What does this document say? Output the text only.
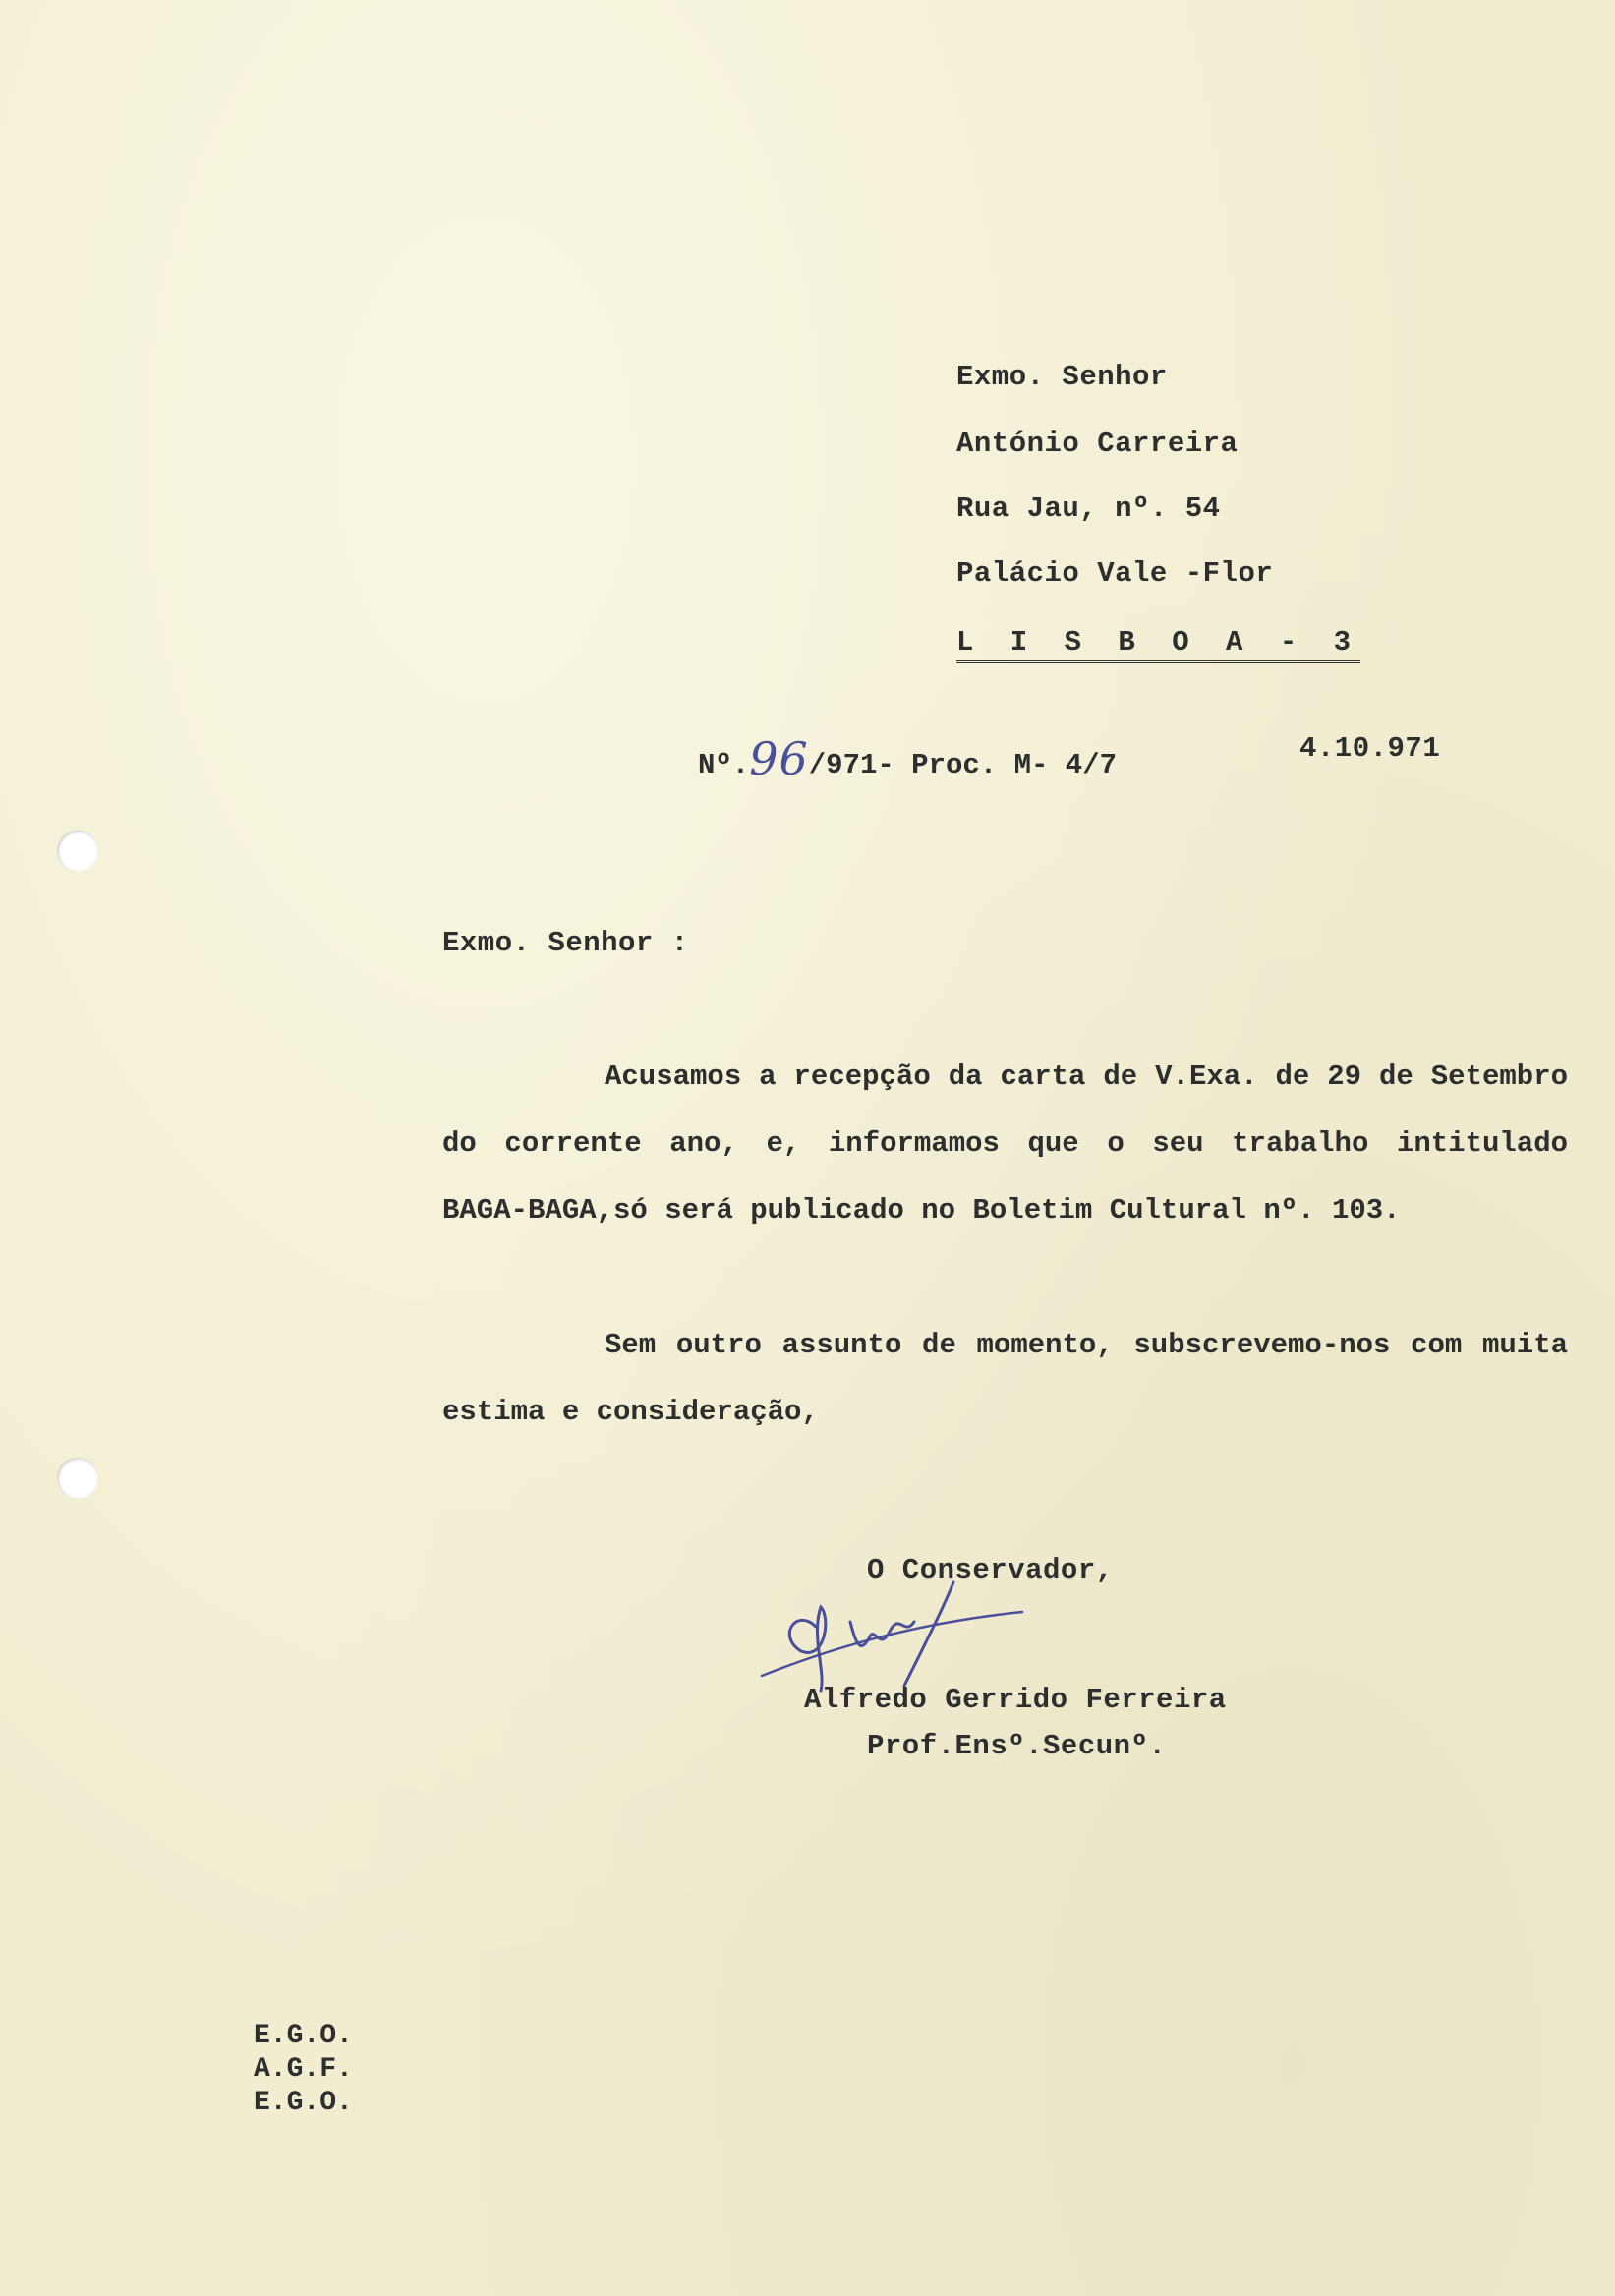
Exmo. Senhor

António Carreira

Rua Jau, nº. 54

Palácio Vale -Flor

L I S B O A - 3

Nº.96/971- Proc. M- 4/7

4.10.971

Exmo. Senhor :

Acusamos a recepção da carta de V.Exa. de 29 de Setembro do corrente ano, e, informamos que o seu trabalho intitulado BAGA-BAGA,só será publicado no Boletim Cultural nº. 103.

Sem outro assunto de momento, subscrevemo-nos com muita estima e consideração,

O Conservador,

Alfredo Gerrido Ferreira

Prof.Ensº.Secunº.

E.G.O.
A.G.F.
E.G.O.
